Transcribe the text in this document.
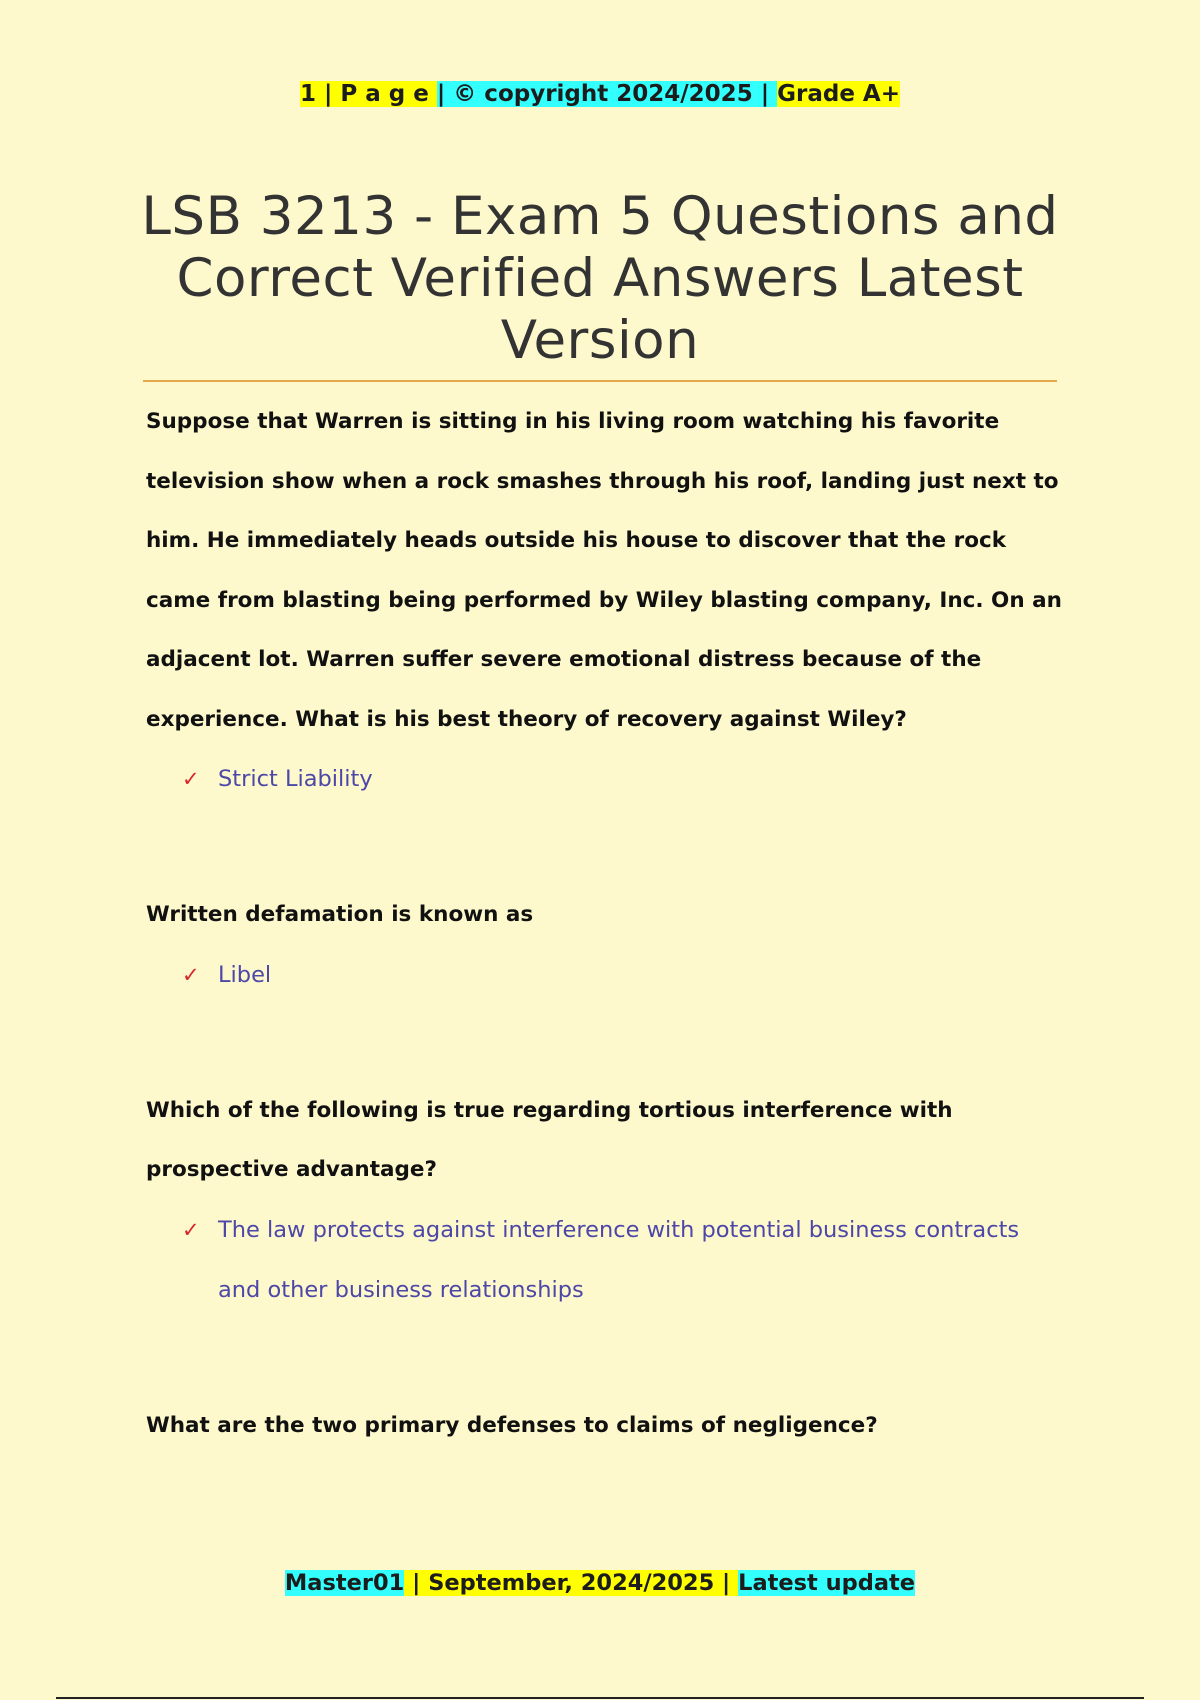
1 | P a g e | © copyright 2024/2025 | Grade A+
LSB 3213 - Exam 5 Questions and Correct Verified Answers Latest Version

Suppose that Warren is sitting in his living room watching his favorite television show when a rock smashes through his roof, landing just next to him. He immediately heads outside his house to discover that the rock came from blasting being performed by Wiley blasting company, Inc. On an adjacent lot. Warren suffer severe emotional distress because of the experience. What is his best theory of recovery against Wiley?

✓ Strict Liability

Written defamation is known as

✓ Libel

Which of the following is true regarding tortious interference with prospective advantage?

✓ The law protects against interference with potential business contracts and other business relationships

What are the two primary defenses to claims of negligence?

Master01 | September, 2024/2025 | Latest update
